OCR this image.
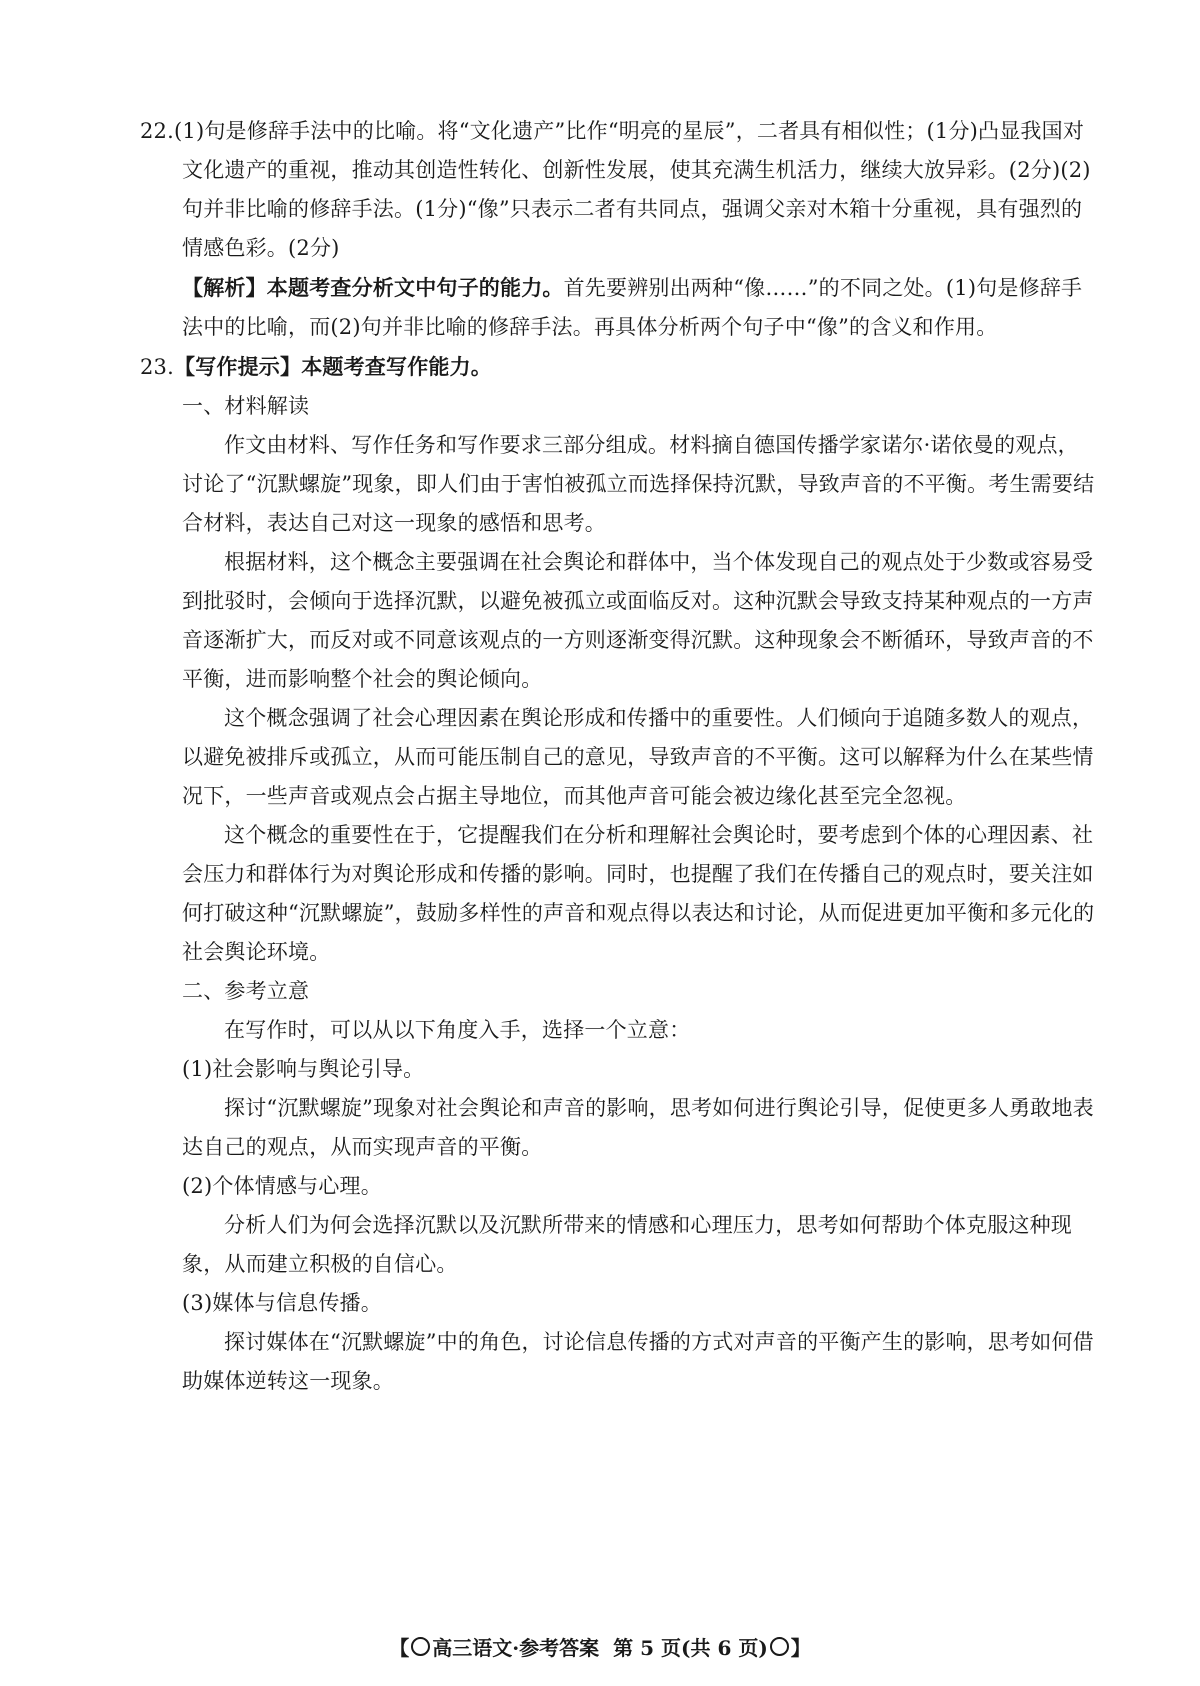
22.(1)句是修辞手法中的比喻。将“文化遗产”比作“明亮的星辰”，二者具有相似性；(1分)凸显我国对文化遗产的重视，推动其创造性转化、创新性发展，使其充满生机活力，继续大放异彩。(2分)(2)句并非比喻的修辞手法。(1分)“像”只表示二者有共同点，强调父亲对木箱十分重视，具有强烈的情感色彩。(2分)

【解析】本题考查分析文中句子的能力。首先要辨别出两种“像……”的不同之处。(1)句是修辞手法中的比喻，而(2)句并非比喻的修辞手法。再具体分析两个句子中“像”的含义和作用。

23.【写作提示】本题考查写作能力。

一、材料解读

作文由材料、写作任务和写作要求三部分组成。材料摘自德国传播学家诺尔·诺依曼的观点，讨论了“沉默螺旋”现象，即人们由于害怕被孤立而选择保持沉默，导致声音的不平衡。考生需要结合材料，表达自己对这一现象的感悟和思考。

根据材料，这个概念主要强调在社会舆论和群体中，当个体发现自己的观点处于少数或容易受到批驳时，会倾向于选择沉默，以避免被孤立或面临反对。这种沉默会导致支持某种观点的一方声音逐渐扩大，而反对或不同意该观点的一方则逐渐变得沉默。这种现象会不断循环，导致声音的不平衡，进而影响整个社会的舆论倾向。

这个概念强调了社会心理因素在舆论形成和传播中的重要性。人们倾向于追随多数人的观点，以避免被排斥或孤立，从而可能压制自己的意见，导致声音的不平衡。这可以解释为什么在某些情况下，一些声音或观点会占据主导地位，而其他声音可能会被边缘化甚至完全忽视。

这个概念的重要性在于，它提醒我们在分析和理解社会舆论时，要考虑到个体的心理因素、社会压力和群体行为对舆论形成和传播的影响。同时，也提醒了我们在传播自己的观点时，要关注如何打破这种“沉默螺旋”，鼓励多样性的声音和观点得以表达和讨论，从而促进更加平衡和多元化的社会舆论环境。

二、参考立意

在写作时，可以从以下角度入手，选择一个立意：

(1)社会影响与舆论引导。

探讨“沉默螺旋”现象对社会舆论和声音的影响，思考如何进行舆论引导，促使更多人勇敢地表达自己的观点，从而实现声音的平衡。

(2)个体情感与心理。

分析人们为何会选择沉默以及沉默所带来的情感和心理压力，思考如何帮助个体克服这种现象，从而建立积极的自信心。

(3)媒体与信息传播。

探讨媒体在“沉默螺旋”中的角色，讨论信息传播的方式对声音的平衡产生的影响，思考如何借助媒体逆转这一现象。

【 高三语文·参考答案 第 5 页(共 6 页) 】
